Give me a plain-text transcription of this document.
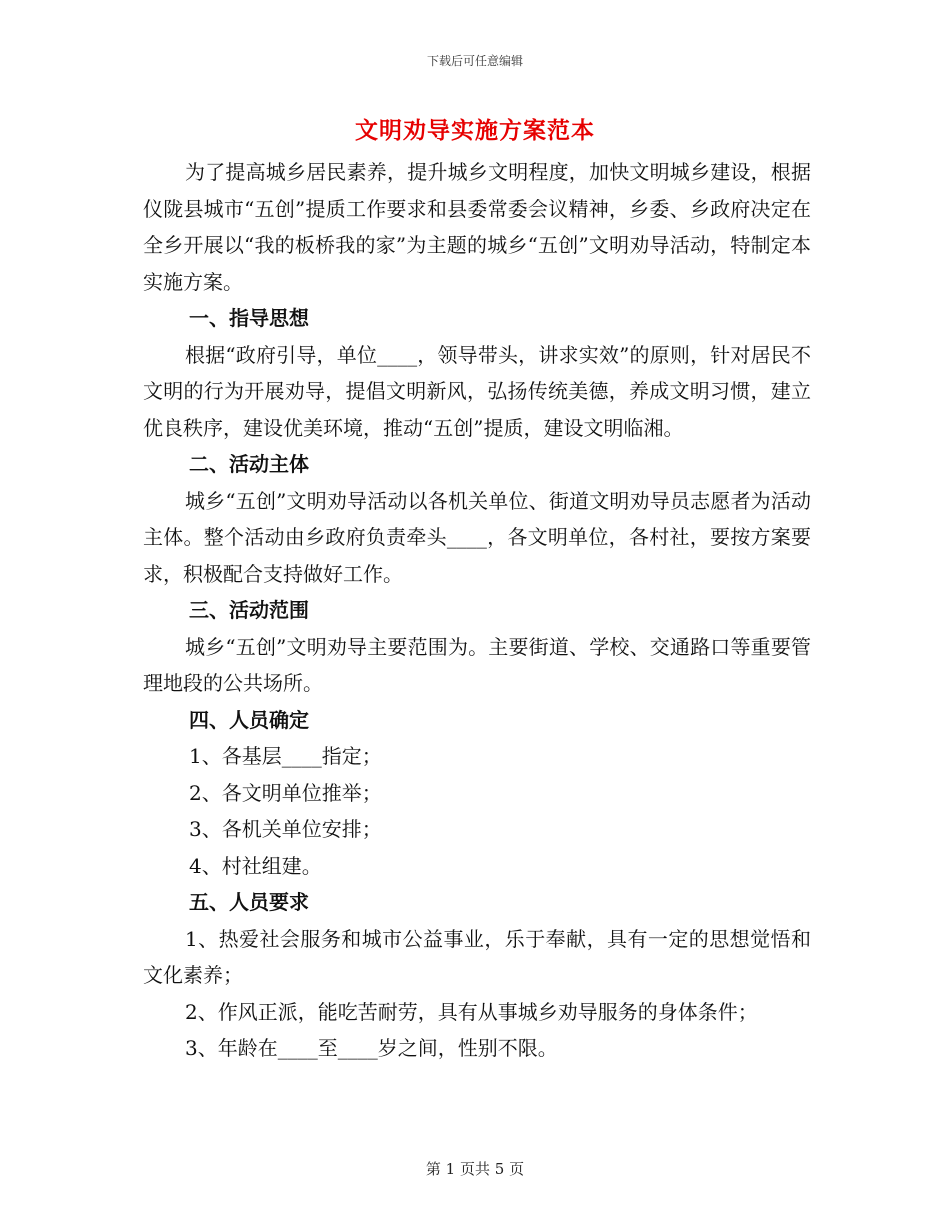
下载后可任意编辑
文明劝导实施方案范本

为了提高城乡居民素养，提升城乡文明程度，加快文明城乡建设，根据仪陇县城市“五创”提质工作要求和县委常委会议精神，乡委、乡政府决定在全乡开展以“我的板桥我的家”为主题的城乡“五创”文明劝导活动，特制定本实施方案。

一、指导思想

根据“政府引导，单位____，领导带头，讲求实效”的原则，针对居民不文明的行为开展劝导，提倡文明新风，弘扬传统美德，养成文明习惯，建立优良秩序，建设优美环境，推动“五创”提质，建设文明临湘。

二、活动主体

城乡“五创”文明劝导活动以各机关单位、街道文明劝导员志愿者为活动主体。整个活动由乡政府负责牵头____，各文明单位，各村社，要按方案要求，积极配合支持做好工作。

三、活动范围

城乡“五创”文明劝导主要范围为。主要街道、学校、交通路口等重要管理地段的公共场所。

四、人员确定

1、各基层____指定；

2、各文明单位推举；

3、各机关单位安排；

4、村社组建。

五、人员要求

1、热爱社会服务和城市公益事业，乐于奉献，具有一定的思想觉悟和文化素养；

2、作风正派，能吃苦耐劳，具有从事城乡劝导服务的身体条件；

3、年龄在____至____岁之间，性别不限。

第 1 页共 5 页
